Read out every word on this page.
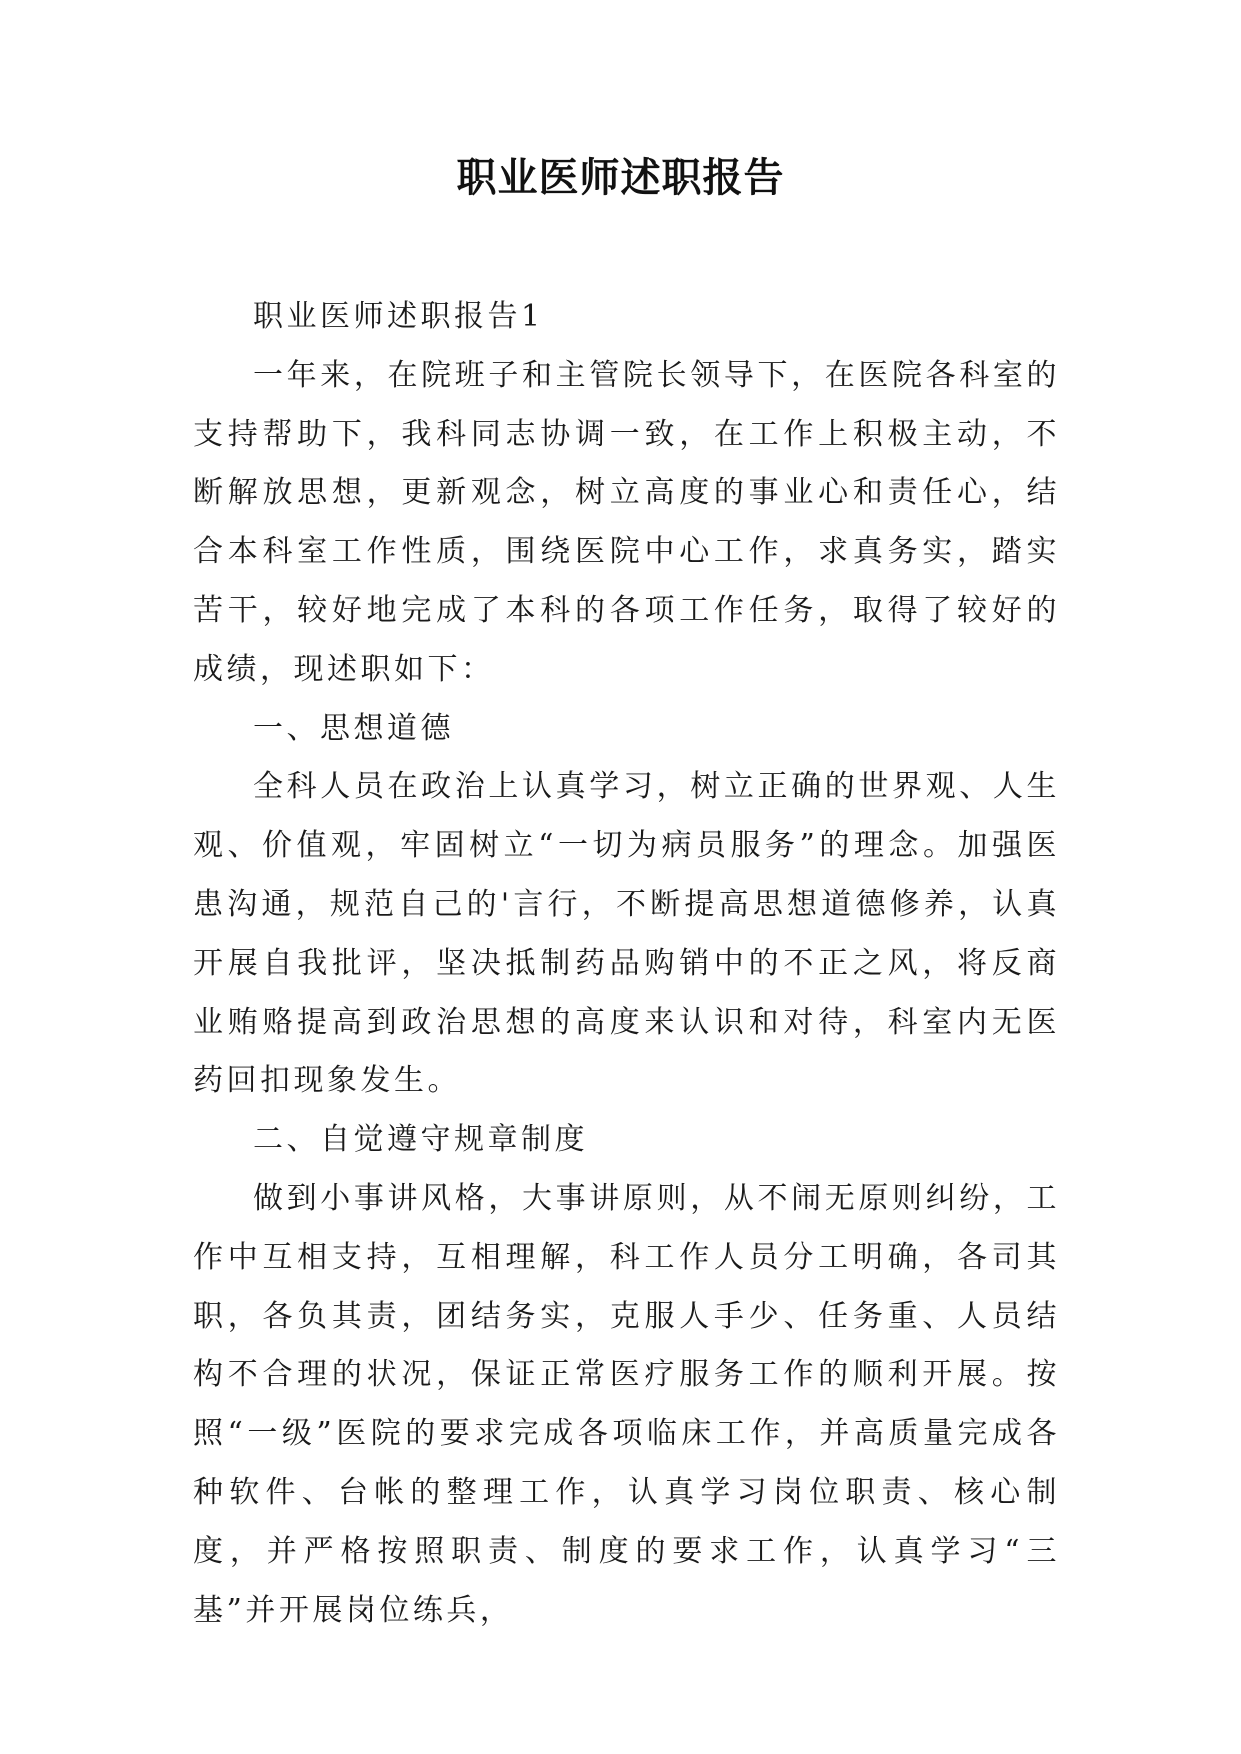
职业医师述职报告

职业医师述职报告1

一年来，在院班子和主管院长领导下，在医院各科室的支持帮助下，我科同志协调一致，在工作上积极主动，不断解放思想，更新观念，树立高度的事业心和责任心，结合本科室工作性质，围绕医院中心工作，求真务实，踏实苦干，较好地完成了本科的各项工作任务，取得了较好的成绩，现述职如下：

一、思想道德

全科人员在政治上认真学习，树立正确的世界观、人生观、价值观，牢固树立“一切为病员服务”的理念。加强医患沟通，规范自己的'言行，不断提高思想道德修养，认真开展自我批评，坚决抵制药品购销中的不正之风，将反商业贿赂提高到政治思想的高度来认识和对待，科室内无医药回扣现象发生。

二、自觉遵守规章制度

做到小事讲风格，大事讲原则，从不闹无原则纠纷，工作中互相支持，互相理解，科工作人员分工明确，各司其职，各负其责，团结务实，克服人手少、任务重、人员结构不合理的状况，保证正常医疗服务工作的顺利开展。按照“一级”医院的要求完成各项临床工作，并高质量完成各种软件、台帐的整理工作，认真学习岗位职责、核心制度，并严格按照职责、制度的要求工作，认真学习“三基”并开展岗位练兵，
